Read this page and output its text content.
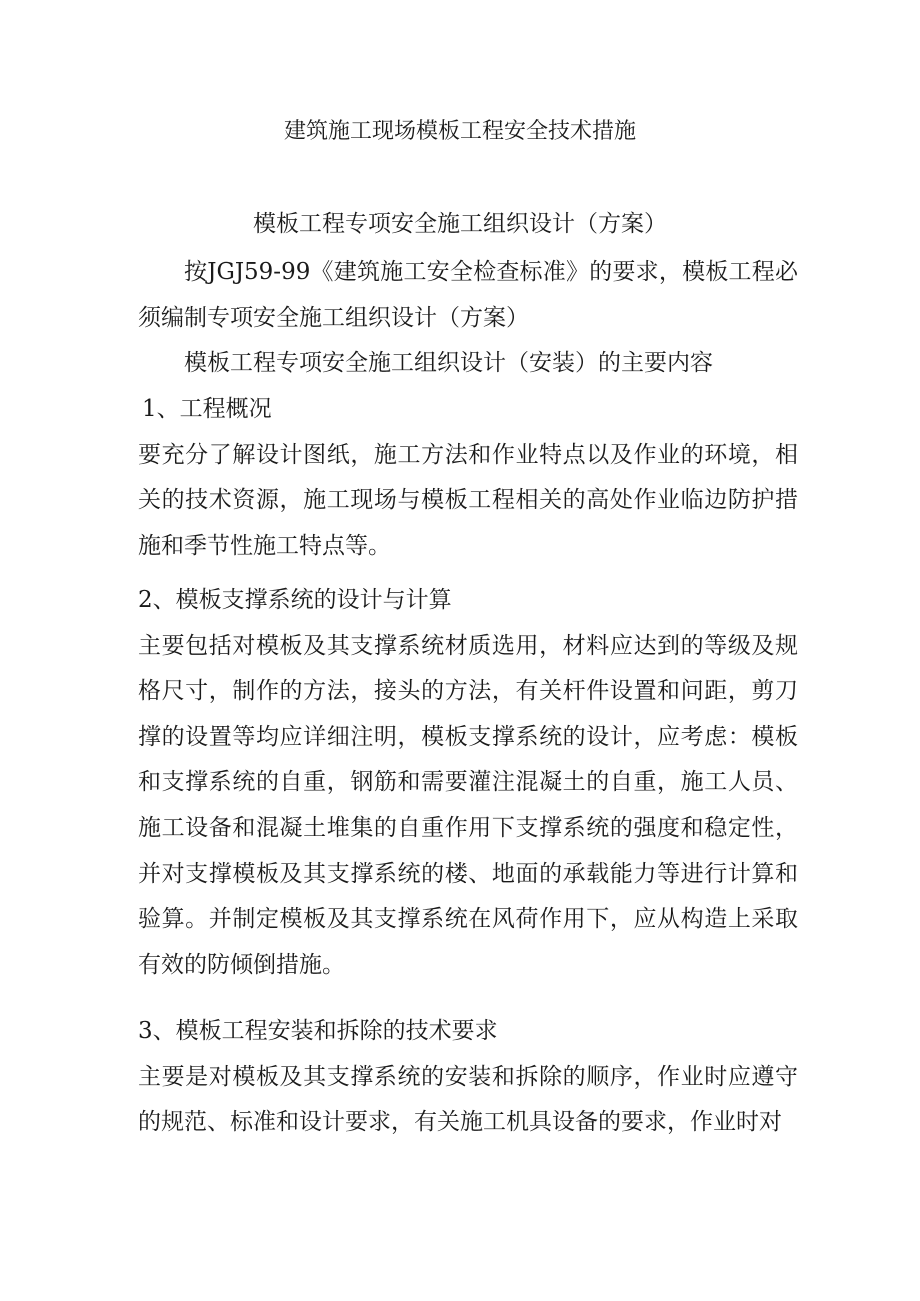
建筑施工现场模板工程安全技术措施
模板工程专项安全施工组织设计（方案）

按JGJ59-99《建筑施工安全检查标准》的要求，模板工程必须编制专项安全施工组织设计（方案）

模板工程专项安全施工组织设计（安装）的主要内容

1、工程概况

要充分了解设计图纸，施工方法和作业特点以及作业的环境，相关的技术资源，施工现场与模板工程相关的高处作业临边防护措施和季节性施工特点等。

2、模板支撑系统的设计与计算

主要包括对模板及其支撑系统材质选用，材料应达到的等级及规格尺寸，制作的方法，接头的方法，有关杆件设置和问距，剪刀撑的设置等均应详细注明，模板支撑系统的设计，应考虑：模板和支撑系统的自重，钢筋和需要灌注混凝土的自重，施工人员、施工设备和混凝土堆集的自重作用下支撑系统的强度和稳定性，并对支撑模板及其支撑系统的楼、地面的承载能力等进行计算和验算。并制定模板及其支撑系统在风荷作用下，应从构造上采取有效的防倾倒措施。

3、模板工程安装和拆除的技术要求

主要是对模板及其支撑系统的安装和拆除的顺序，作业时应遵守的规范、标准和设计要求，有关施工机具设备的要求，作业时对
